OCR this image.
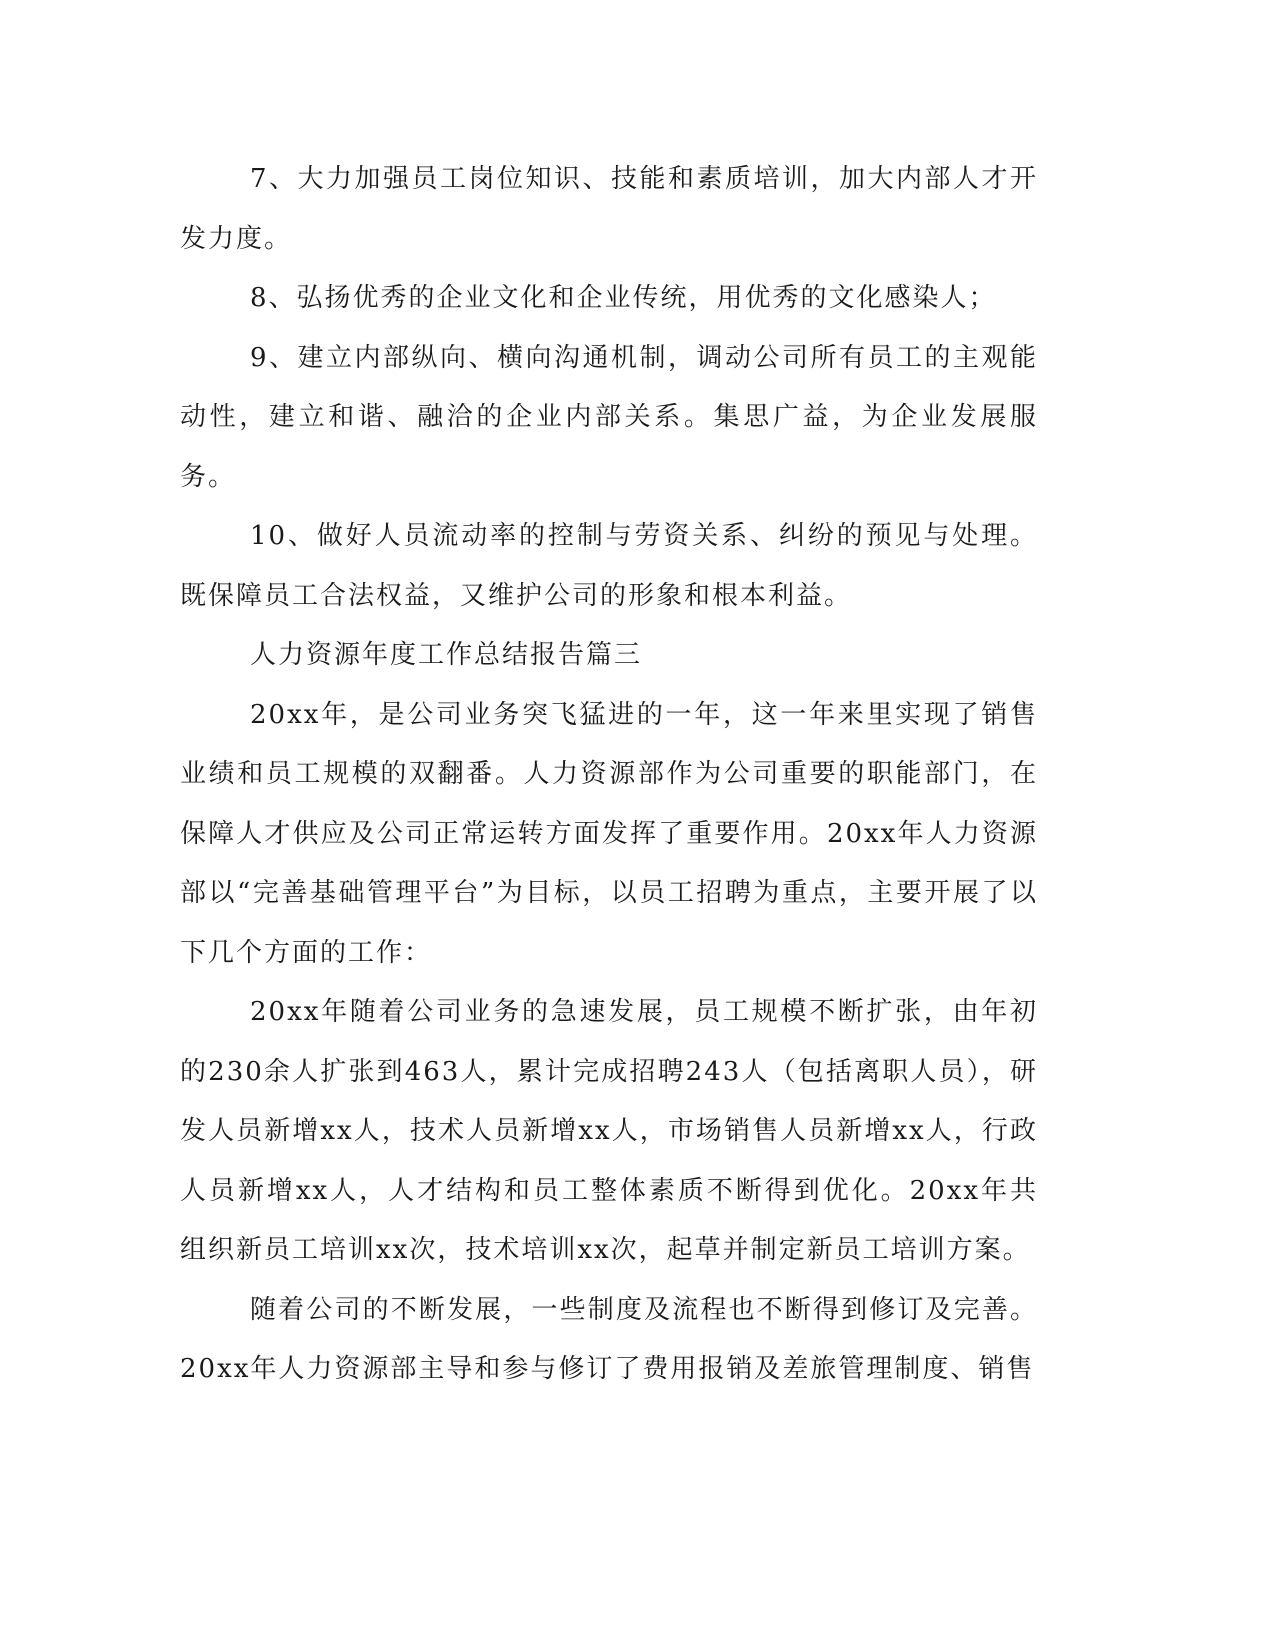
7、大力加强员工岗位知识、技能和素质培训，加大内部人才开发力度。

8、弘扬优秀的企业文化和企业传统，用优秀的文化感染人；

9、建立内部纵向、横向沟通机制，调动公司所有员工的主观能动性，建立和谐、融洽的企业内部关系。集思广益，为企业发展服务。

10、做好人员流动率的控制与劳资关系、纠纷的预见与处理。既保障员工合法权益，又维护公司的形象和根本利益。

人力资源年度工作总结报告篇三

20xx年，是公司业务突飞猛进的一年，这一年来里实现了销售业绩和员工规模的双翻番。人力资源部作为公司重要的职能部门，在保障人才供应及公司正常运转方面发挥了重要作用。20xx年人力资源部以“完善基础管理平台”为目标，以员工招聘为重点，主要开展了以下几个方面的工作：

20xx年随着公司业务的急速发展，员工规模不断扩张，由年初的230余人扩张到463人，累计完成招聘243人（包括离职人员），研发人员新增xx人，技术人员新增xx人，市场销售人员新增xx人，行政人员新增xx人，人才结构和员工整体素质不断得到优化。20xx年共组织新员工培训xx次，技术培训xx次，起草并制定新员工培训方案。

随着公司的不断发展，一些制度及流程也不断得到修订及完善。20xx年人力资源部主导和参与修订了费用报销及差旅管理制度、销售
